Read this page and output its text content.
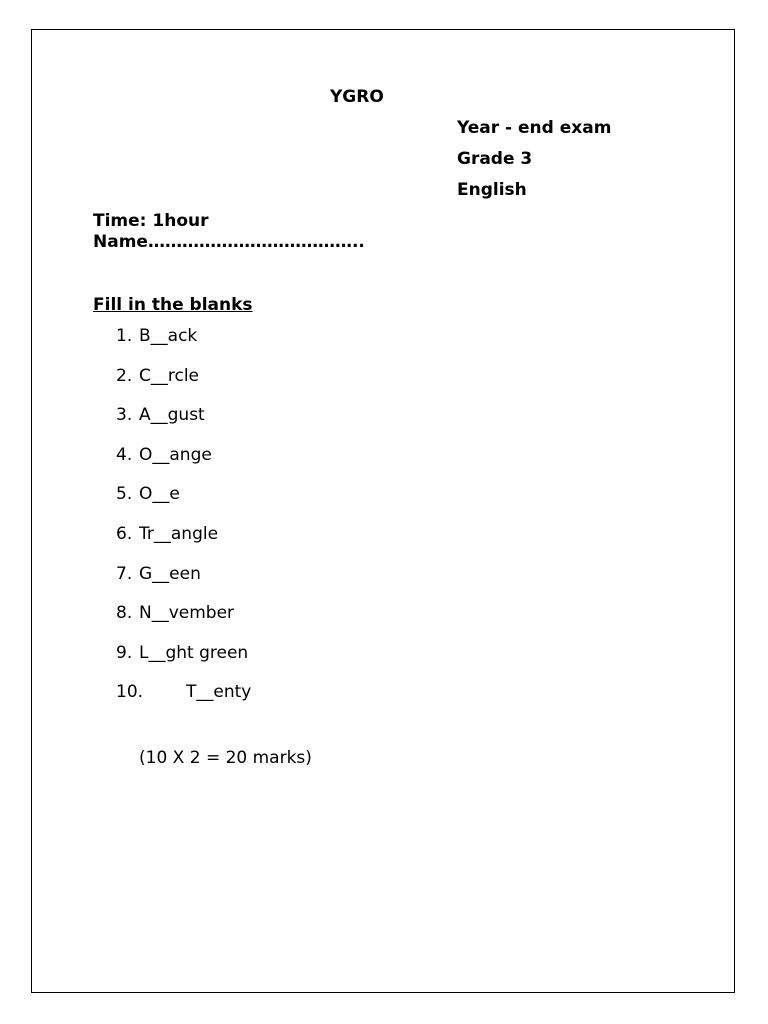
YGRO
Year - end exam
Grade 3
English
Time: 1hour
Name………………………………..
Fill in the blanks
1. B__ack
2. C__rcle
3. A__gust
4. O__ange
5. O__e
6. Tr__angle
7. G__een
8. N__vember
9. L__ght green
10.	T__enty
(10 X 2 = 20 marks)
